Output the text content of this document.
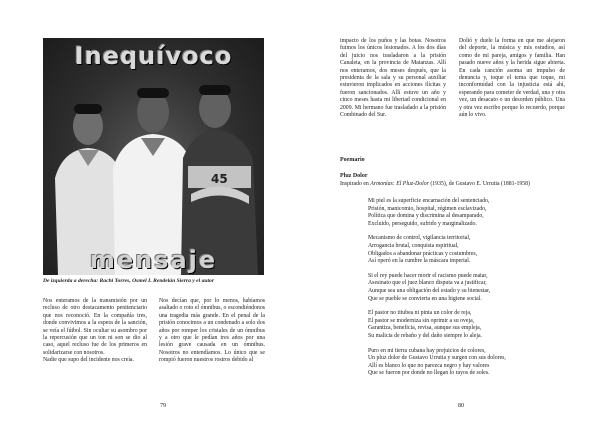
45
Inequívoco
mensaje
De izquierda a derecha: Rachi Torres, Osmel I. Rendelán Sierra y el autor

Nos enteramos de la transmisión por un recluso de otro destacamento penitenciario que nos reconoció. En la compañía tres, donde convivimos a la espera de la sanción, se veía el fútbol. Sin ocultar su asombro por la repercusión que un ton ni son se dio al caso, aquel recluso fue de los primeros en solidarizarse con nosotros.
Nadie que supo del incidente nos creía.

Nos decían que, por lo menos, habíamos asaltado o roto el ómnibus, o escondiéndonos una tragedia más grande. En el penal de la prisión conocimos a un condenado a solo dos años por romper los cristales de un ómnibus y a otro que le pedían tres años por una lesión grave causada en un ómnibus. Nosotros no entendíamos. Lo único que se rompió fueron nuestros rostros debido al

79

impacto de los puños y las botas. Nosotros fuimos los únicos lesionados. A los dos días del juicio nos trasladaron a la prisión Canaleta, en la provincia de Matanzas. Allí nos enteramos, dos meses después, que la presidenta de la sala y su personal auxiliar estuvieron implicados en acciones ilícitas y fueron sancionados. Allí estuve un año y cinco meses hasta mi libertad condicional en 2009. Mi hermano fue trasladado a la prisión Combinado del Sur.

Dolió y duele la forma en que me alejaron del deporte, la música y mis estudios, así como de mi pareja, amigos y familia. Han pasado nueve años y la herida sigue abierta. En cada canción asoma un impulso de denuncia y, toque el tema que toque, mi inconformidad con la injusticia está ahí, esperando para cometer de verdad, una y otra vez, un desacato o un desorden público. Una y otra vez escribo porque lo recuerdo, porque aún lo vivo.

Poemario
Pluz Dolor
Inspirado en Armonías: El Pluz-Dolor (1935), de Gustavo E. Urrutia (1881-1958)
Mi piel es la superficie encarnación del sentenciado,
Prisión, manicomio, hospital, régimen esclavizado,
Política que domina y discrimina al desamparado,
Excluido, perseguido, sufrido y marginalizado.
Mecanismo de control, vigilancia territorial,
Arrogancia brutal, conquista espiritual,
Obligados a abandonar prácticas y costumbres,
Así operó en la cumbre la máscara imperial.
Si el rey puede hacer morir el racismo puede matar,
Asesinato que el juez blanco disputa va a justificar,
Aunque sea una obligación del estado y su bienestar,
Que se pueble se convierta en una higiene social.
El pastor no titubea ni pinta un color de reja,
El pastor se moderniza sin oprimir a su oveja,
Garantiza, beneficia, revisa, aunque sus empleja,
Su malicia de rebaño y del daño siempre lo aleja.
Puro en mi tierra cubana hay prejuicios de colores,
Un pluz dolor de Gustavo Urrutia y surgen con sus dolores,
Allí es blanco lo que no parezca negro y hay valores
Que se fueron por donde no llegan lo rayos de soles.
80
